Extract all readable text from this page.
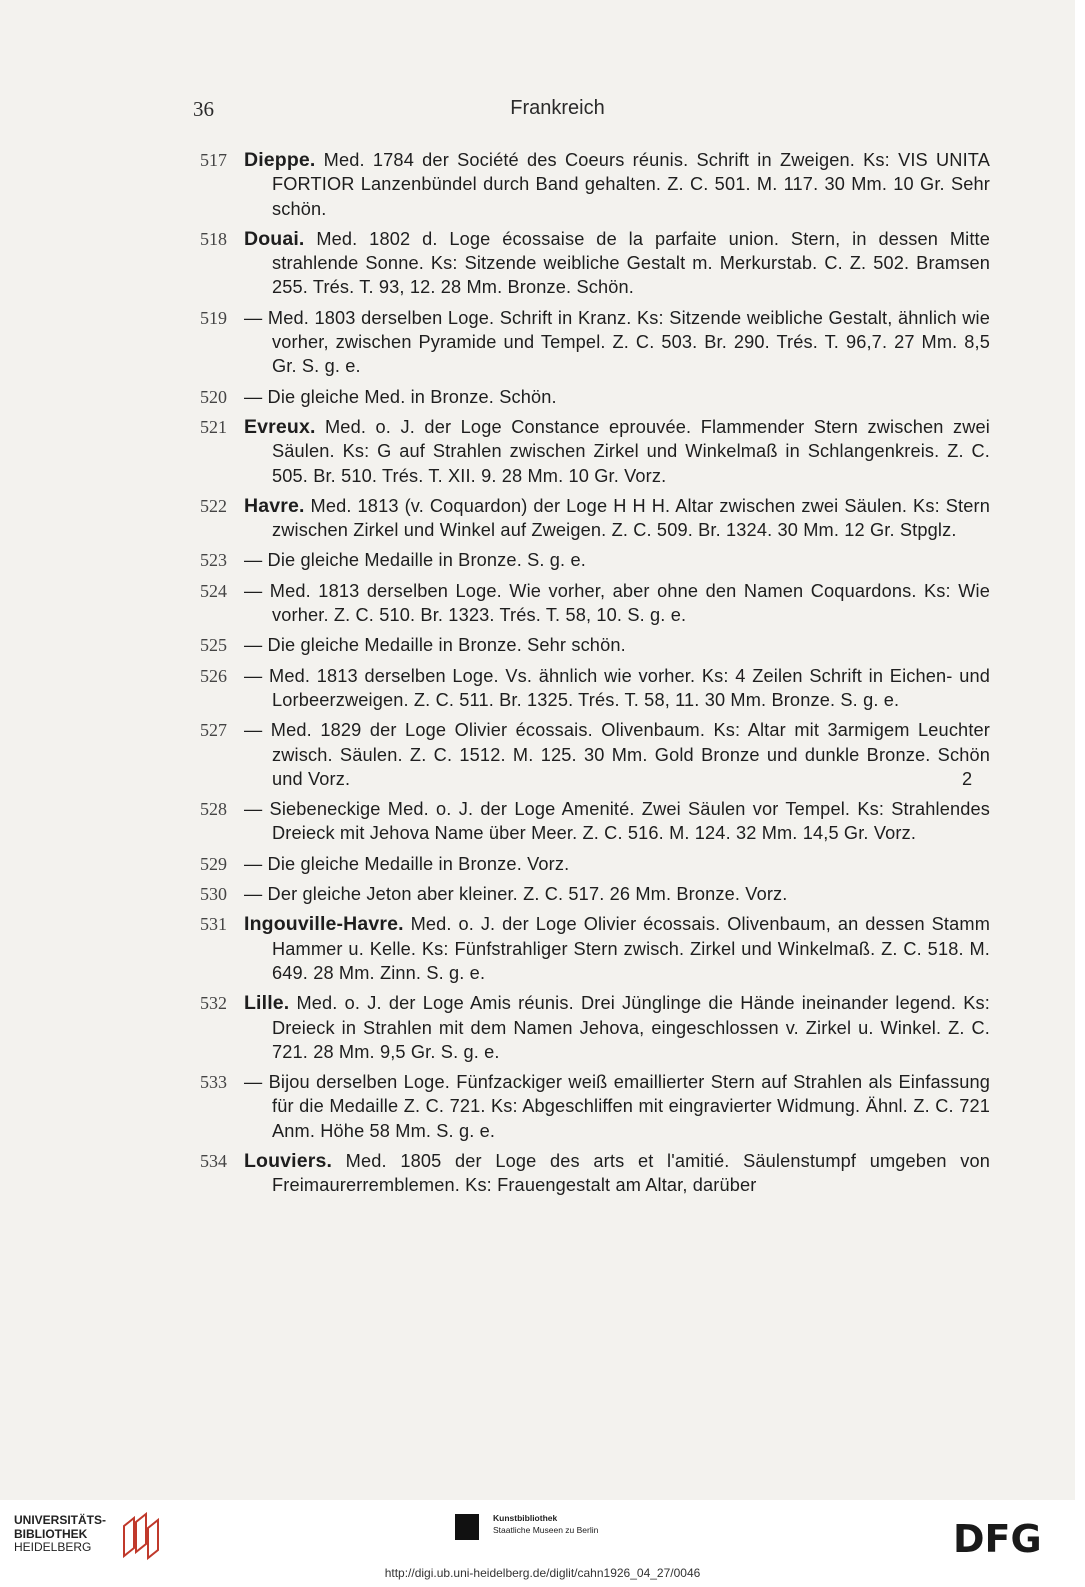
36	Frankreich
517 Dieppe. Med. 1784 der Société des Coeurs réunis. Schrift in Zweigen. Ks: VIS UNITA FORTIOR Lanzenbündel durch Band gehalten. Z. C. 501. M. 117. 30 Mm. 10 Gr. Sehr schön.
518 Douai. Med. 1802 d. Loge écossaise de la parfaite union. Stern, in dessen Mitte strahlende Sonne. Ks: Sitzende weibliche Gestalt m. Merkurstab. C. Z. 502. Bramsen 255. Trés. T. 93, 12. 28 Mm. Bronze. Schön.
519 — Med. 1803 derselben Loge. Schrift in Kranz. Ks: Sitzende weibliche Gestalt, ähnlich wie vorher, zwischen Pyramide und Tempel. Z. C. 503. Br. 290. Trés. T. 96,7. 27 Mm. 8,5 Gr. S. g. e.
520 — Die gleiche Med. in Bronze. Schön.
521 Evreux. Med. o. J. der Loge Constance eprouvée. Flammender Stern zwischen zwei Säulen. Ks: G auf Strahlen zwischen Zirkel und Winkelmaß in Schlangenkreis. Z. C. 505. Br. 510. Trés. T. XII. 9. 28 Mm. 10 Gr. Vorz.
522 Havre. Med. 1813 (v. Coquardon) der Loge H H H. Altar zwischen zwei Säulen. Ks: Stern zwischen Zirkel und Winkel auf Zweigen. Z. C. 509. Br. 1324. 30 Mm. 12 Gr. Stpglz.
523 — Die gleiche Medaille in Bronze. S. g. e.
524 — Med. 1813 derselben Loge. Wie vorher, aber ohne den Namen Coquardons. Ks: Wie vorher. Z. C. 510. Br. 1323. Trés. T. 58, 10. S. g. e.
525 — Die gleiche Medaille in Bronze. Sehr schön.
526 — Med. 1813 derselben Loge. Vs. ähnlich wie vorher. Ks: 4 Zeilen Schrift in Eichen- und Lorbeerzweigen. Z. C. 511. Br. 1325. Trés. T. 58, 11. 30 Mm. Bronze. S. g. e.
527 — Med. 1829 der Loge Olivier écossais. Olivenbaum. Ks: Altar mit 3armigem Leuchter zwisch. Säulen. Z. C. 1512. M. 125. 30 Mm. Gold Bronze und dunkle Bronze. Schön und Vorz.	2
528 — Siebeneckige Med. o. J. der Loge Amenité. Zwei Säulen vor Tempel. Ks: Strahlendes Dreieck mit Jehova Name über Meer. Z. C. 516. M. 124. 32 Mm. 14,5 Gr. Vorz.
529 — Die gleiche Medaille in Bronze. Vorz.
530 — Der gleiche Jeton aber kleiner. Z. C. 517. 26 Mm. Bronze. Vorz.
531 Ingouville-Havre. Med. o. J. der Loge Olivier écossais. Olivenbaum, an dessen Stamm Hammer u. Kelle. Ks: Fünfstrahliger Stern zwisch. Zirkel und Winkelmaß. Z. C. 518. M. 649. 28 Mm. Zinn. S. g. e.
532 Lille. Med. o. J. der Loge Amis réunis. Drei Jünglinge die Hände ineinander legend. Ks: Dreieck in Strahlen mit dem Namen Jehova, eingeschlossen v. Zirkel u. Winkel. Z. C. 721. 28 Mm. 9,5 Gr. S. g. e.
533 — Bijou derselben Loge. Fünfzackiger weiß emaillierter Stern auf Strahlen als Einfassung für die Medaille Z. C. 721. Ks: Abgeschliffen mit eingravierter Widmung. Ähnl. Z. C. 721 Anm. Höhe 58 Mm. S. g. e.
534 Louviers. Med. 1805 der Loge des arts et l'amitié. Säulenstumpf umgeben von Freimaurerremblemen. Ks: Frauengestalt am Altar, darüber
UNIVERSITÄTS-
BIBLIOTHEK
HEIDELBERG
Kunstbibliothek
Staatliche Museen zu Berlin	DFG
http://digi.ub.uni-heidelberg.de/diglit/cahn1926_04_27/0046
